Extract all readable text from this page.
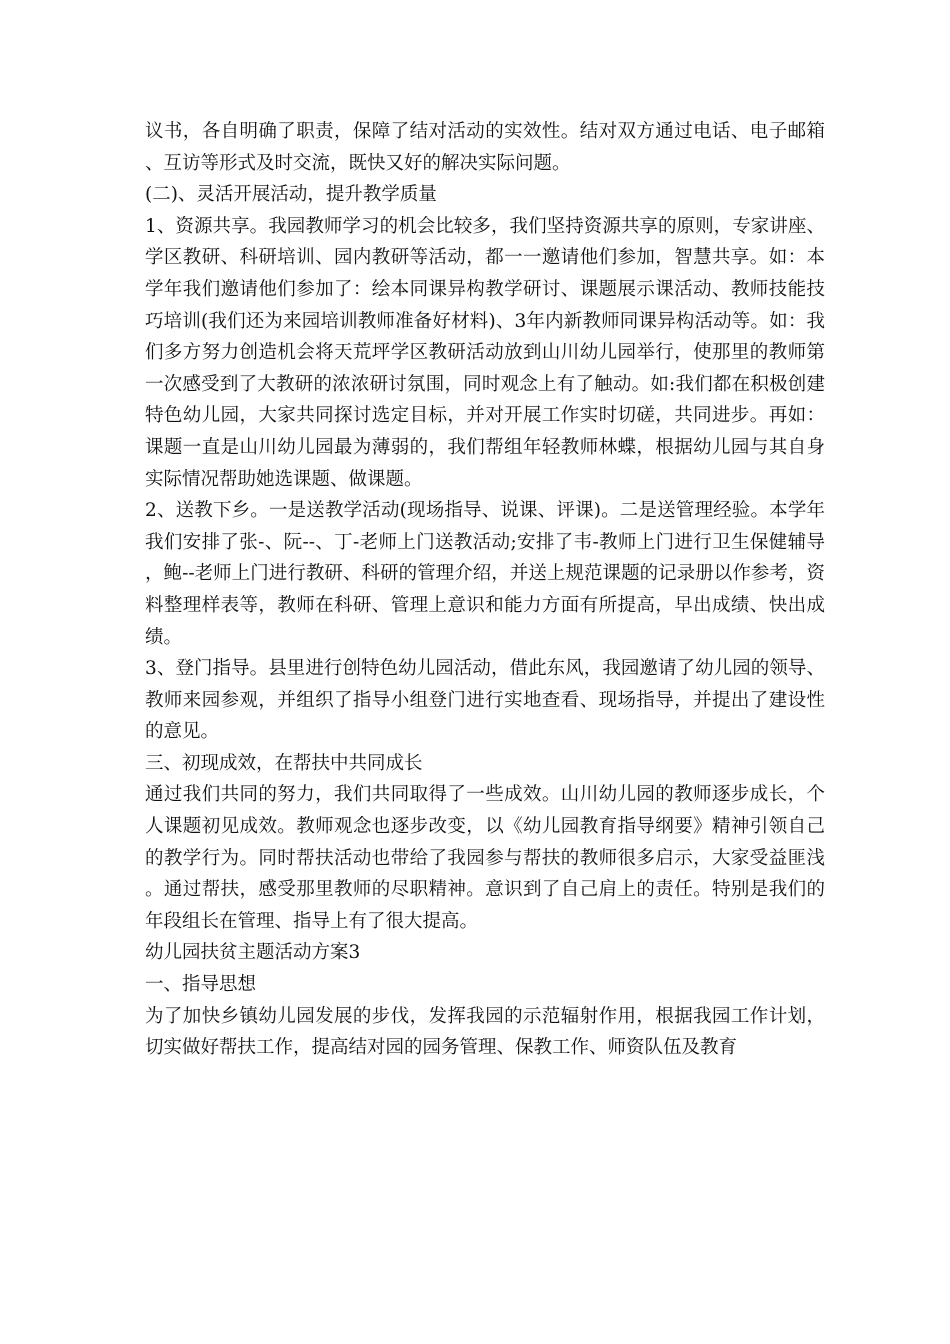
议书，各自明确了职责，保障了结对活动的实效性。结对双方通过电话、电子邮箱、互访等形式及时交流，既快又好的解决实际问题。

(二)、灵活开展活动，提升教学质量

1、资源共享。我园教师学习的机会比较多，我们坚持资源共享的原则，专家讲座、学区教研、科研培训、园内教研等活动，都一一邀请他们参加，智慧共享。如：本学年我们邀请他们参加了：绘本同课异构教学研讨、课题展示课活动、教师技能技巧培训(我们还为来园培训教师准备好材料)、3年内新教师同课异构活动等。如：我们多方努力创造机会将天荒坪学区教研活动放到山川幼儿园举行，使那里的教师第一次感受到了大教研的浓浓研讨氛围，同时观念上有了触动。如:我们都在积极创建特色幼儿园，大家共同探讨选定目标，并对开展工作实时切磋，共同进步。再如：课题一直是山川幼儿园最为薄弱的，我们帮组年轻教师林蝶，根据幼儿园与其自身实际情况帮助她选课题、做课题。

2、送教下乡。一是送教学活动(现场指导、说课、评课)。二是送管理经验。本学年我们安排了张-、阮--、丁-老师上门送教活动;安排了韦-教师上门进行卫生保健辅导，鲍--老师上门进行教研、科研的管理介绍，并送上规范课题的记录册以作参考，资料整理样表等，教师在科研、管理上意识和能力方面有所提高，早出成绩、快出成绩。

3、登门指导。县里进行创特色幼儿园活动，借此东风，我园邀请了幼儿园的领导、教师来园参观，并组织了指导小组登门进行实地查看、现场指导，并提出了建设性的意见。

三、初现成效，在帮扶中共同成长

通过我们共同的努力，我们共同取得了一些成效。山川幼儿园的教师逐步成长，个人课题初见成效。教师观念也逐步改变，以《幼儿园教育指导纲要》精神引领自己的教学行为。同时帮扶活动也带给了我园参与帮扶的教师很多启示，大家受益匪浅。通过帮扶，感受那里教师的尽职精神。意识到了自己肩上的责任。特别是我们的年段组长在管理、指导上有了很大提高。

幼儿园扶贫主题活动方案3

一、指导思想

为了加快乡镇幼儿园发展的步伐，发挥我园的示范辐射作用，根据我园工作计划，切实做好帮扶工作，提高结对园的园务管理、保教工作、师资队伍及教育
